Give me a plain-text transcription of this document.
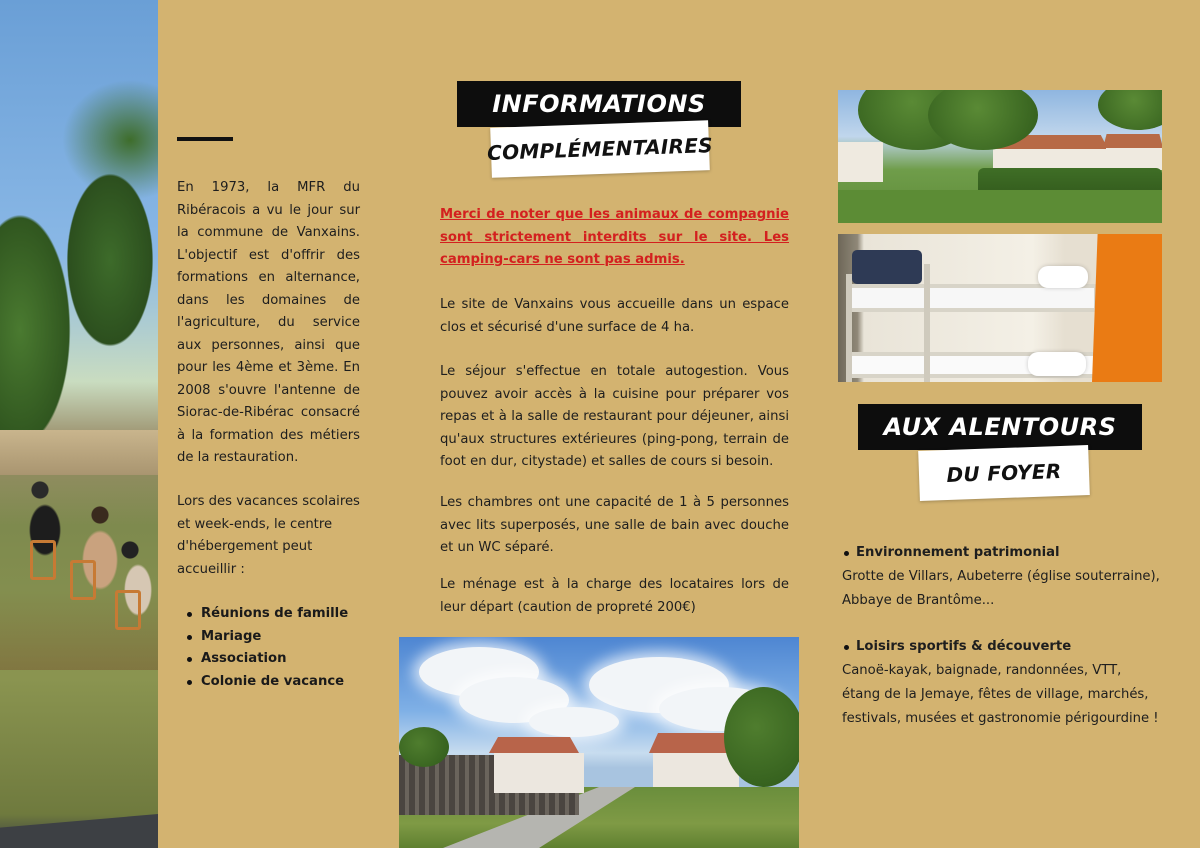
En 1973, la MFR du Ribéracois a vu le jour sur la commune de Vanxains. L'objectif est d'offrir des formations en alternance, dans les domaines de l'agriculture, du service aux personnes, ainsi que pour les 4ème et 3ème. En 2008 s'ouvre l'antenne de Siorac-de-Ribérac consacré à la formation des métiers de la restauration.

Lors des vacances scolaires et week-ends, le centre d'hébergement peut accueillir :

Réunions de famille
Mariage
Association
Colonie de vacance
INFORMATIONS
COMPLÉMENTAIRES

Merci de noter que les animaux de compagnie sont strictement interdits sur le site. Les camping-cars ne sont pas admis.

Le site de Vanxains vous accueille dans un espace clos et sécurisé d'une surface de 4 ha.

Le séjour s'effectue en totale autogestion. Vous pouvez avoir accès à la cuisine pour préparer vos repas et à la salle de restaurant pour déjeuner, ainsi qu'aux structures extérieures (ping-pong, terrain de foot en dur, citystade) et salles de cours si besoin.

Les chambres ont une capacité de 1 à 5 personnes avec lits superposés, une salle de bain avec douche et un WC séparé.

Le ménage est à la charge des locataires lors de leur départ (caution de propreté 200€)

AUX ALENTOURS
DU FOYER
Environnement patrimonial
Grotte de Villars, Aubeterre (église souterraine), Abbaye de Brantôme...
Loisirs sportifs & découverte
Canoë-kayak, baignade, randonnées, VTT, étang de la Jemaye, fêtes de village, marchés, festivals, musées et gastronomie périgourdine !
